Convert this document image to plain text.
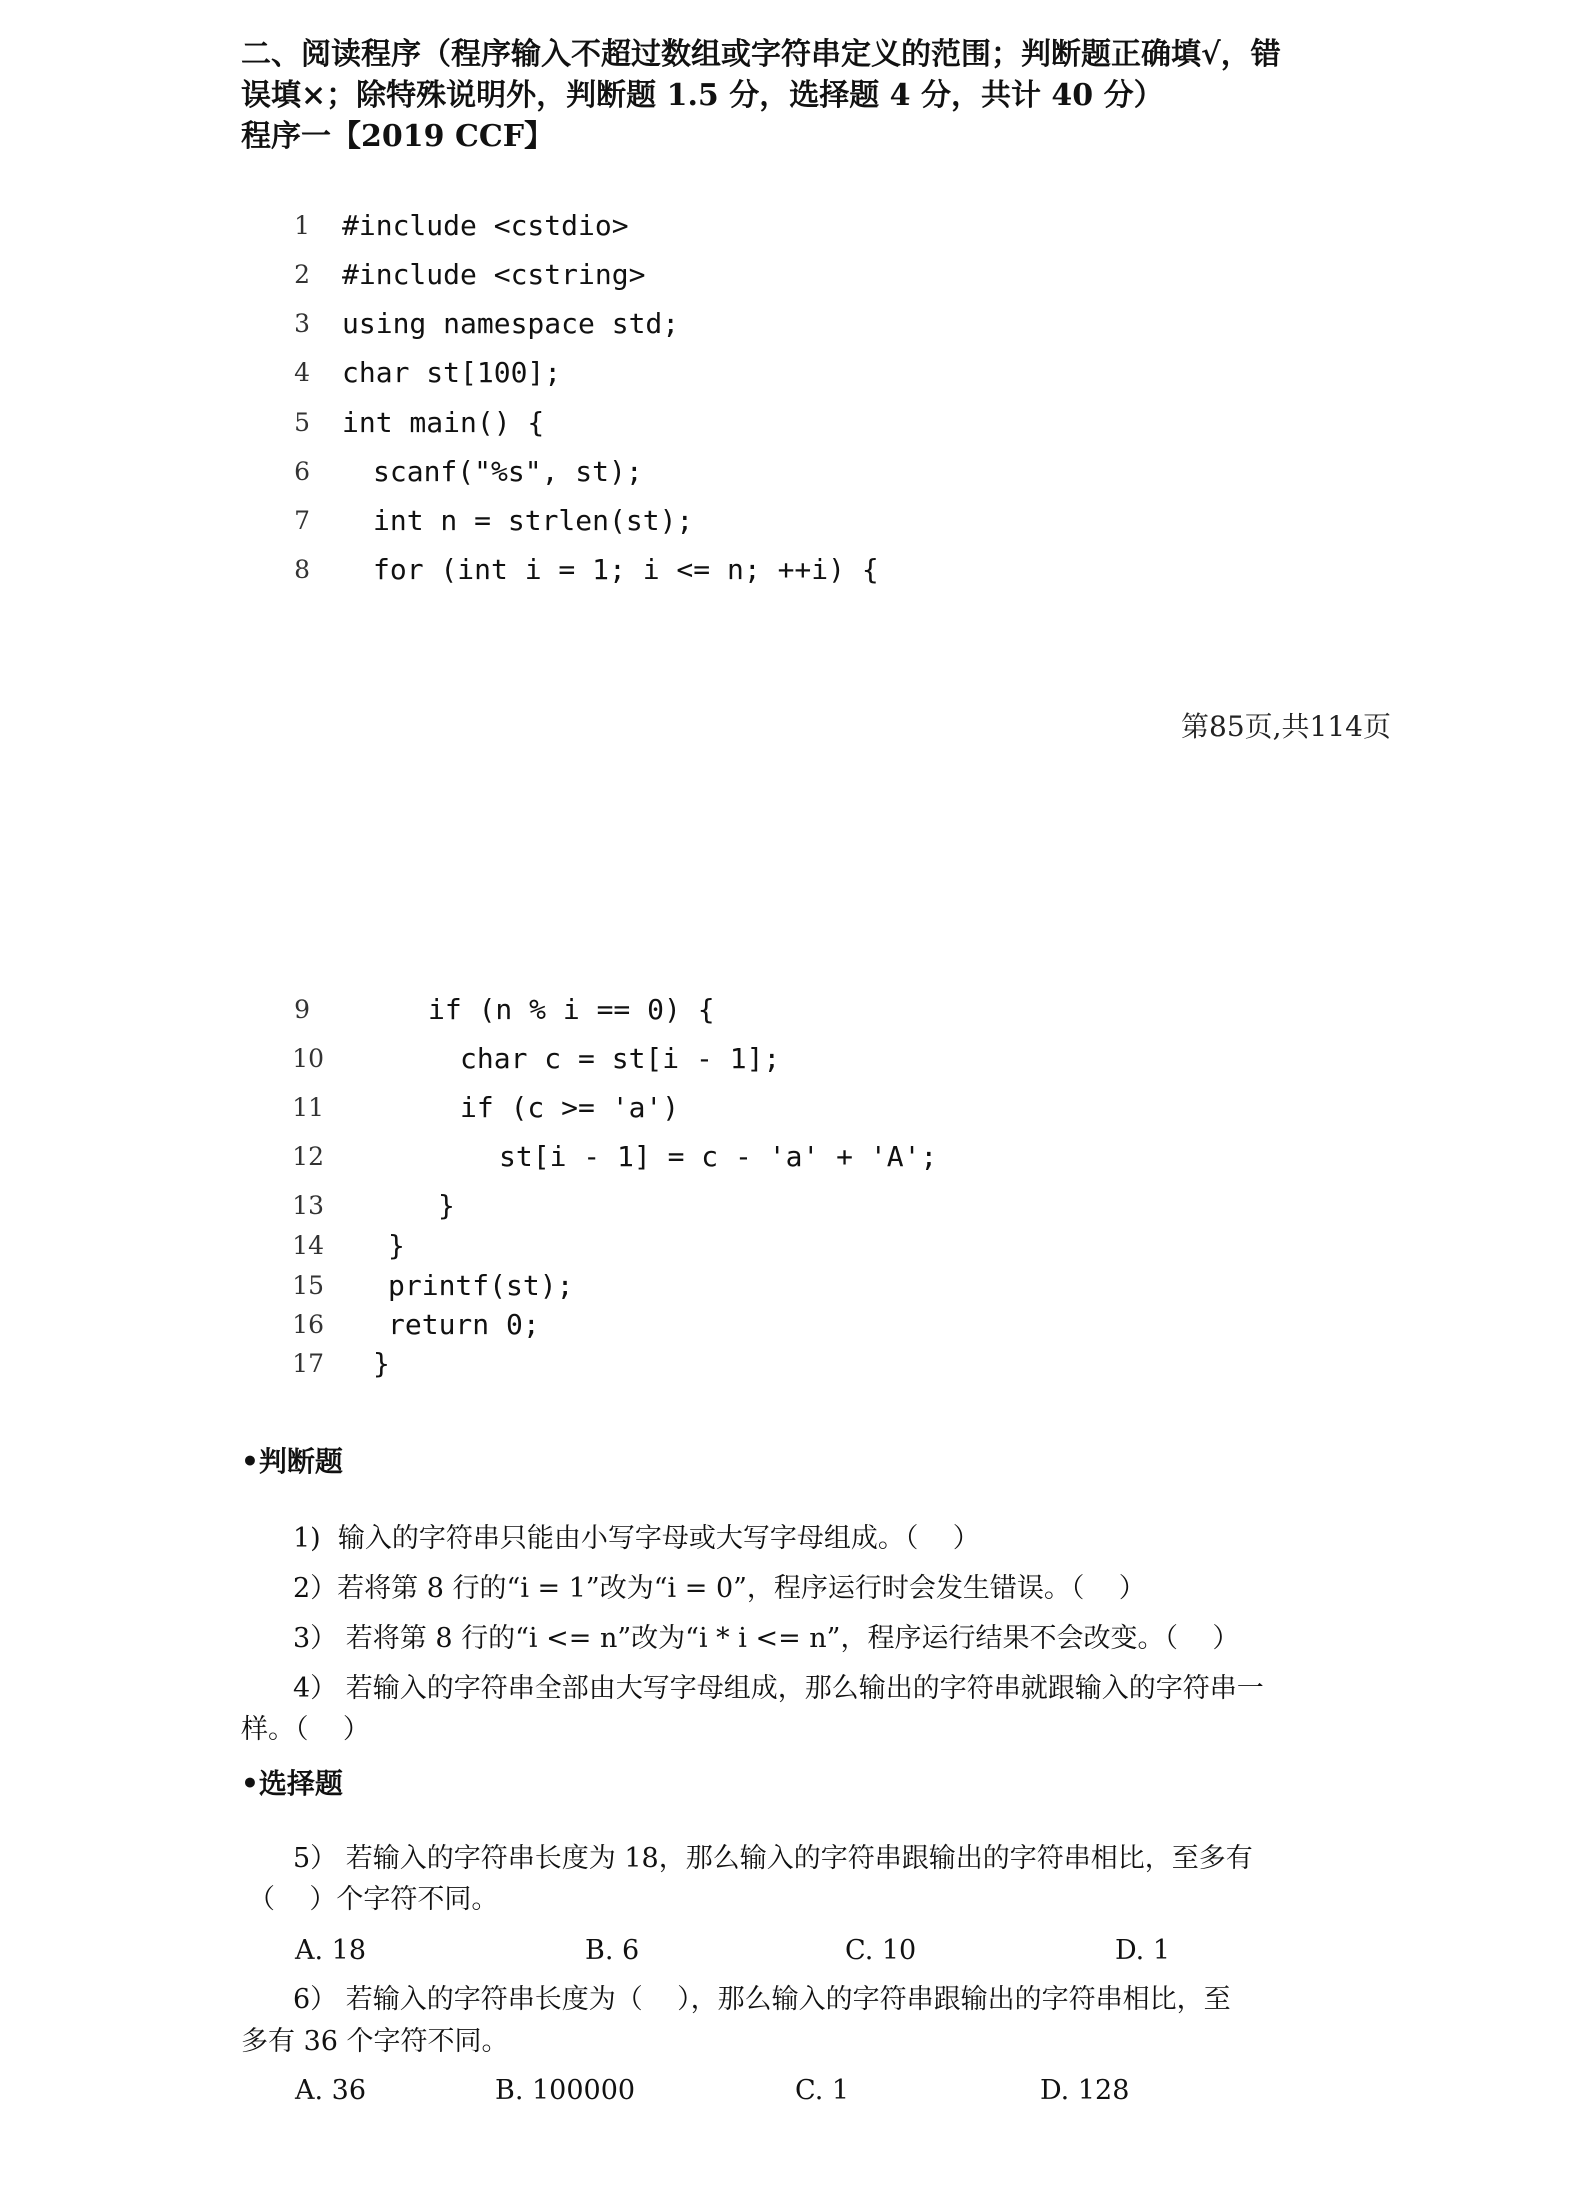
二、阅读程序（程序输入不超过数组或字符串定义的范围；判断题正确填√，错
误填×；除特殊说明外，判断题 1.5 分，选择题 4 分，共计 40 分）
程序一【2019 CCF】
1 #include <cstdio>
2 #include <cstring>
3 using namespace std;
4 char st[100];
5 int main() {
6 scanf("%s", st);
7 int n = strlen(st);
8 for (int i = 1; i <= n; ++i) {
9	if (n % i == 0) {
10	char c = st[i - 1];
11	if (c >= 'a')
12	st[i - 1] = c - 'a' + 'A';
13	}
14 }
15 printf(st);
16 return 0;
17 }
第85页,共114页
•判断题
1)  输入的字符串只能由小写字母或大写字母组成。（    ）
2）若将第 8 行的“i = 1”改为“i = 0”，程序运行时会发生错误。（    ）
3） 若将第 8 行的“i <= n”改为“i * i <= n”，程序运行结果不会改变。（    ）
4） 若输入的字符串全部由大写字母组成，那么输出的字符串就跟输入的字符串一
样。（    ）
•选择题
5） 若输入的字符串长度为 18，那么输入的字符串跟输出的字符串相比，至多有
（    ）个字符不同。
A. 18	B. 6	C. 10	D. 1
6） 若输入的字符串长度为（    ），那么输入的字符串跟输出的字符串相比，至
多有 36 个字符不同。
A. 36	B. 100000	C. 1	D. 128
